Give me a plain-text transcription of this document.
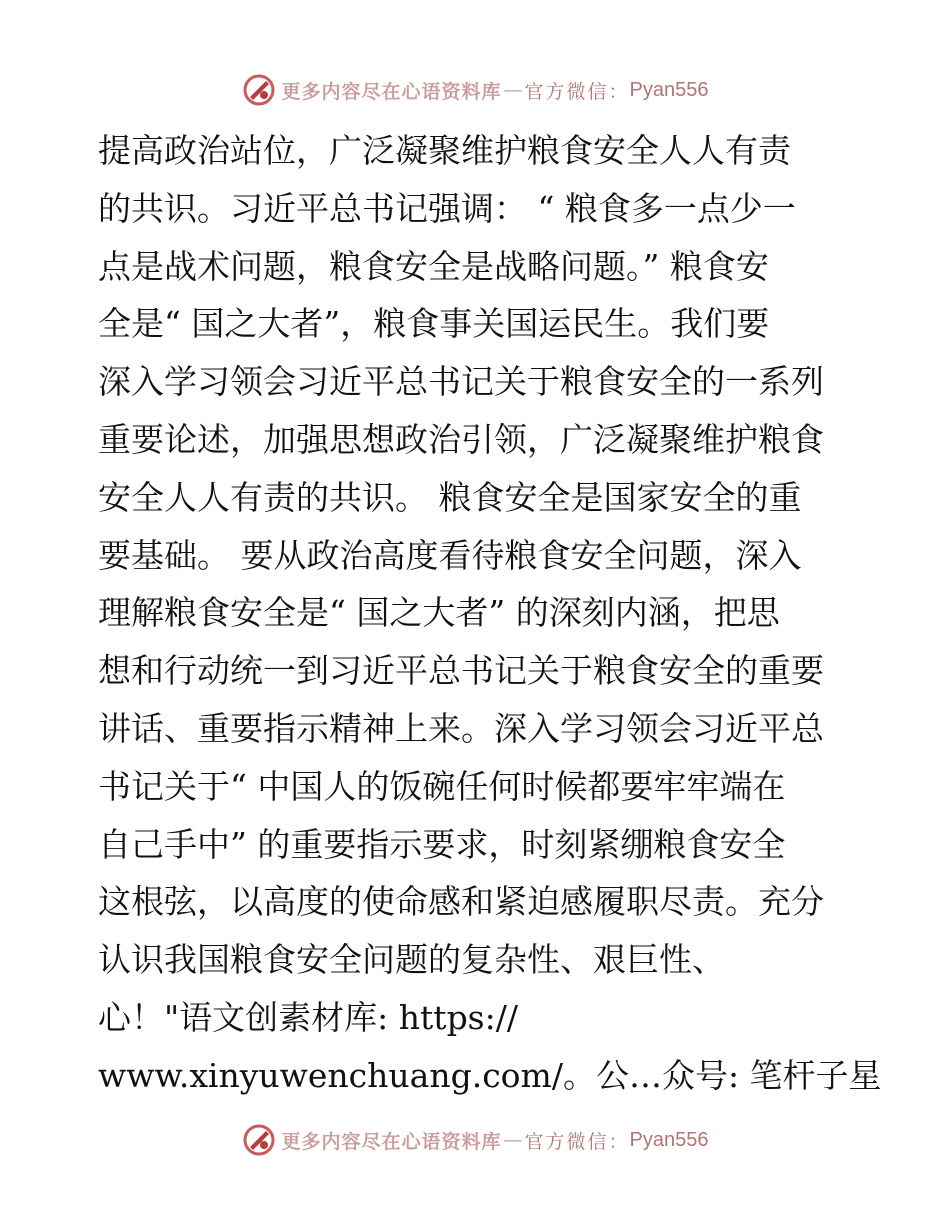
更多内容尽在心语资料库 — 官方微信： Pyan556
提高政治站位，广泛凝聚维护粮食安全人人有责
的共识。习近平总书记强调： “ 粮食多一点少一
点是战术问题，粮食安全是战略问题。” 粮食安
全是“ 国之大者”，粮食事关国运民生。我们要
深入学习领会习近平总书记关于粮食安全的一系列
重要论述，加强思想政治引领，广泛凝聚维护粮食
安全人人有责的共识。 粮食安全是国家安全的重
要基础。 要从政治高度看待粮食安全问题，深入
理解粮食安全是“ 国之大者” 的深刻内涵，把思
想和行动统一到习近平总书记关于粮食安全的重要
讲话、重要指示精神上来。深入学习领会习近平总
书记关于“ 中国人的饭碗任何时候都要牢牢端在
自己手中” 的重要指示要求，时刻紧绷粮食安全
这根弦，以高度的使命感和紧迫感履职尽责。充分
认识我国粮食安全问题的复杂性、艰巨性、
心！"语文创素材库: https://
www.xinyuwenchuang.com/。公…众号: 笔杆子星
更多内容尽在心语资料库 — 官方微信： Pyan556
